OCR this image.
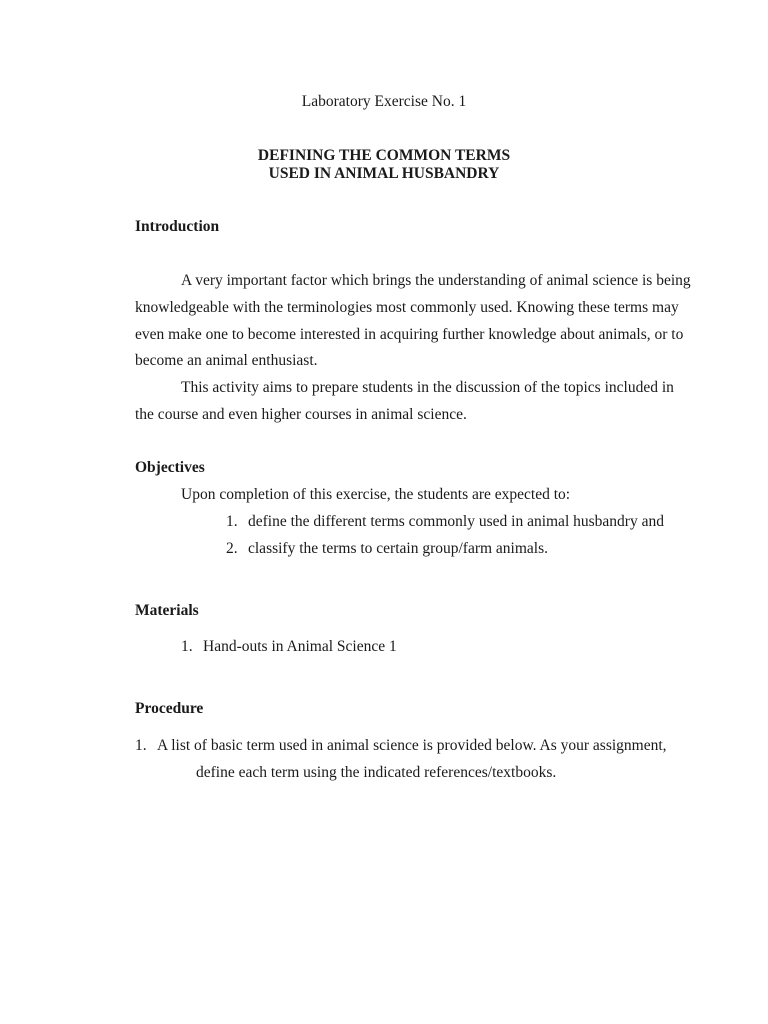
Laboratory Exercise No. 1
DEFINING THE COMMON TERMS
USED IN ANIMAL HUSBANDRY
Introduction
A very important factor which brings the understanding of animal science is being
knowledgeable with the terminologies most commonly used. Knowing these terms may
even make one to become interested in acquiring further knowledge about animals, or to
become an animal enthusiast.
This activity aims to prepare students in the discussion of the topics included in
the course and even higher courses in animal science.
Objectives
Upon completion of this exercise, the students are expected to:
1. define the different terms commonly used in animal husbandry and
2. classify the terms to certain group/farm animals.
Materials
1. Hand-outs in Animal Science 1
Procedure
1. A list of basic term used in animal science is provided below. As your assignment,
define each term using the indicated references/textbooks.
